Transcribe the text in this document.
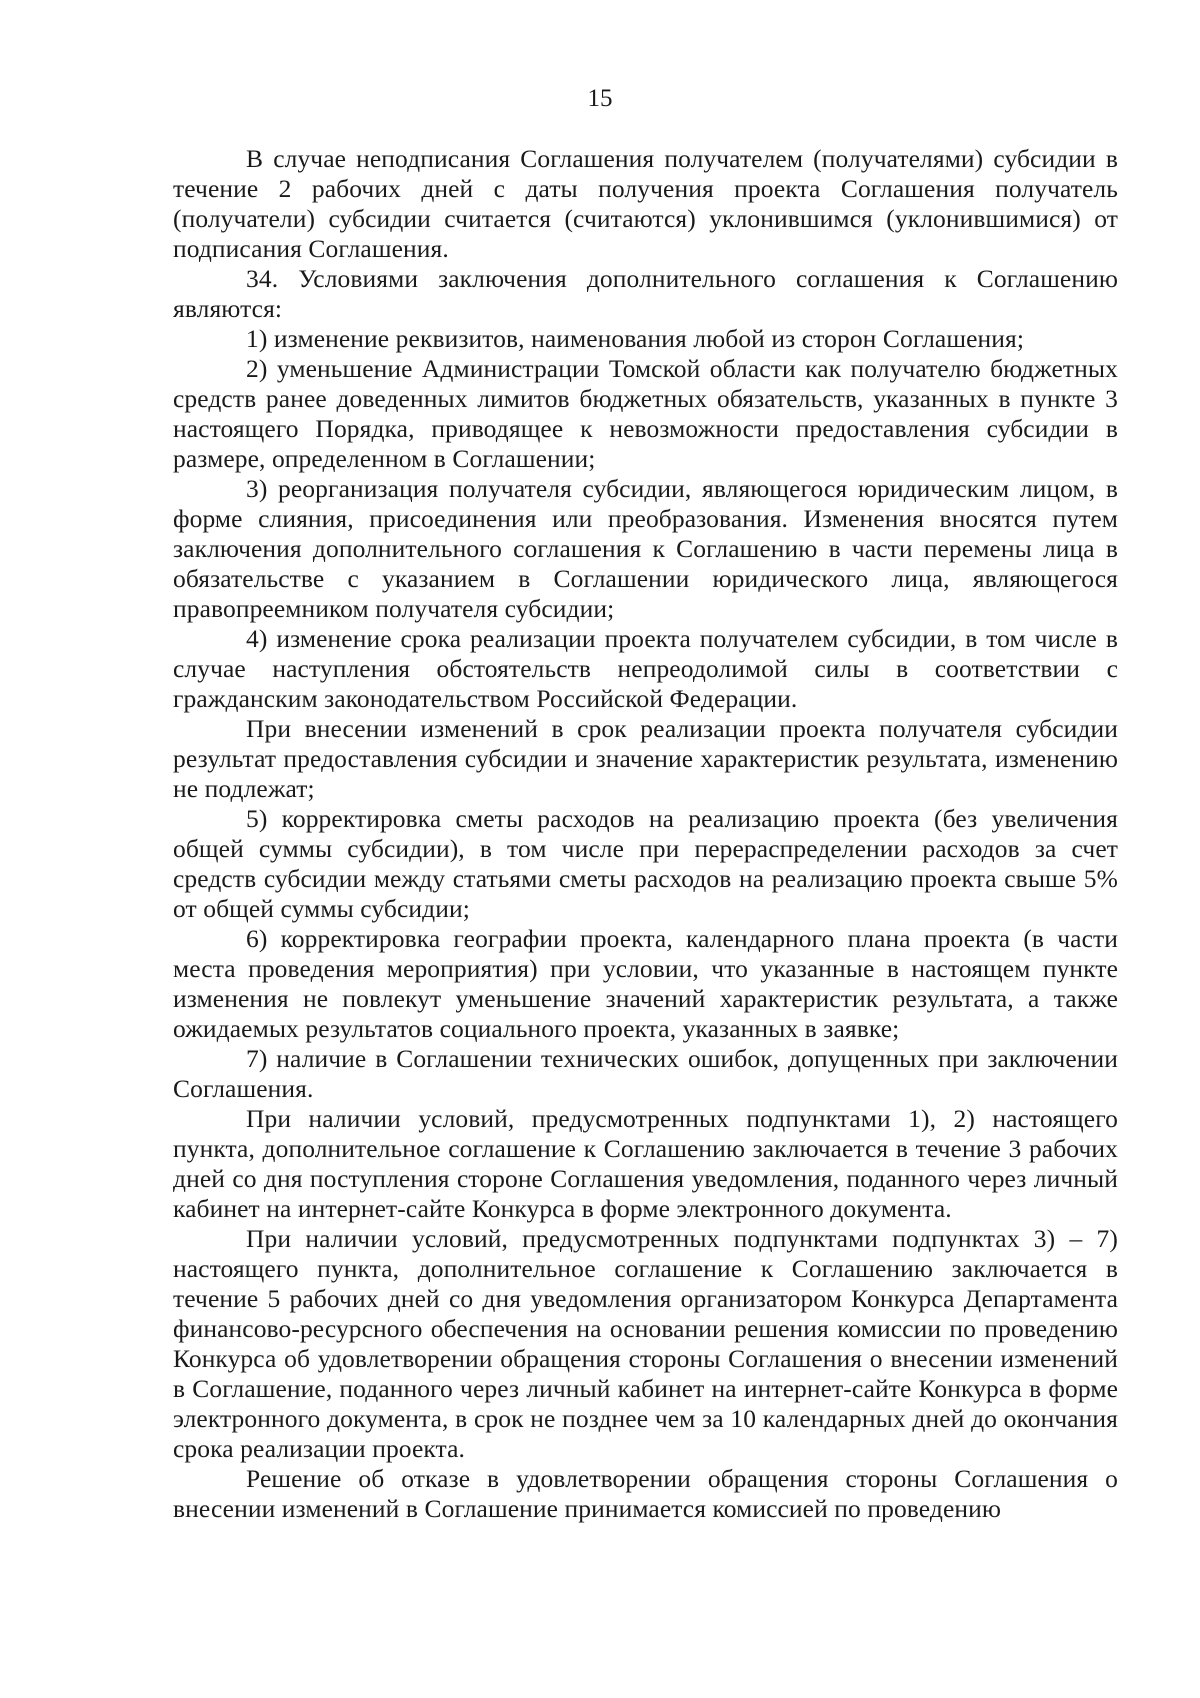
15

В случае неподписания Соглашения получателем (получателями) субсидии в течение 2 рабочих дней с даты получения проекта Соглашения получатель (получатели) субсидии считается (считаются) уклонившимся (уклонившимися) от подписания Соглашения.

34. Условиями заключения дополнительного соглашения к Соглашению являются:

1) изменение реквизитов, наименования любой из сторон Соглашения;

2) уменьшение Администрации Томской области как получателю бюджетных средств ранее доведенных лимитов бюджетных обязательств, указанных в пункте 3 настоящего Порядка, приводящее к невозможности предоставления субсидии в размере, определенном в Соглашении;

3) реорганизация получателя субсидии, являющегося юридическим лицом, в форме слияния, присоединения или преобразования. Изменения вносятся путем заключения дополнительного соглашения к Соглашению в части перемены лица в обязательстве с указанием в Соглашении юридического лица, являющегося правопреемником получателя субсидии;

4) изменение срока реализации проекта получателем субсидии, в том числе в случае наступления обстоятельств непреодолимой силы в соответствии с гражданским законодательством Российской Федерации.

При внесении изменений в срок реализации проекта получателя субсидии результат предоставления субсидии и значение характеристик результата, изменению не подлежат;

5) корректировка сметы расходов на реализацию проекта (без увеличения общей суммы субсидии), в том числе при перераспределении расходов за счет средств субсидии между статьями сметы расходов на реализацию проекта свыше 5% от общей суммы субсидии;

6) корректировка географии проекта, календарного плана проекта (в части места проведения мероприятия) при условии, что указанные в настоящем пункте изменения не повлекут уменьшение значений характеристик результата, а также ожидаемых результатов социального проекта, указанных в заявке;

7) наличие в Соглашении технических ошибок, допущенных при заключении Соглашения.

При наличии условий, предусмотренных подпунктами 1), 2) настоящего пункта, дополнительное соглашение к Соглашению заключается в течение 3 рабочих дней со дня поступления стороне Соглашения уведомления, поданного через личный кабинет на интернет-сайте Конкурса в форме электронного документа.

При наличии условий, предусмотренных подпунктами подпунктах 3) – 7) настоящего пункта, дополнительное соглашение к Соглашению заключается в течение 5 рабочих дней со дня уведомления организатором Конкурса Департамента финансово-ресурсного обеспечения на основании решения комиссии по проведению Конкурса об удовлетворении обращения стороны Соглашения о внесении изменений в Соглашение, поданного через личный кабинет на интернет-сайте Конкурса в форме электронного документа, в срок не позднее чем за 10 календарных дней до окончания срока реализации проекта.

Решение об отказе в удовлетворении обращения стороны Соглашения о внесении изменений в Соглашение принимается комиссией по проведению
